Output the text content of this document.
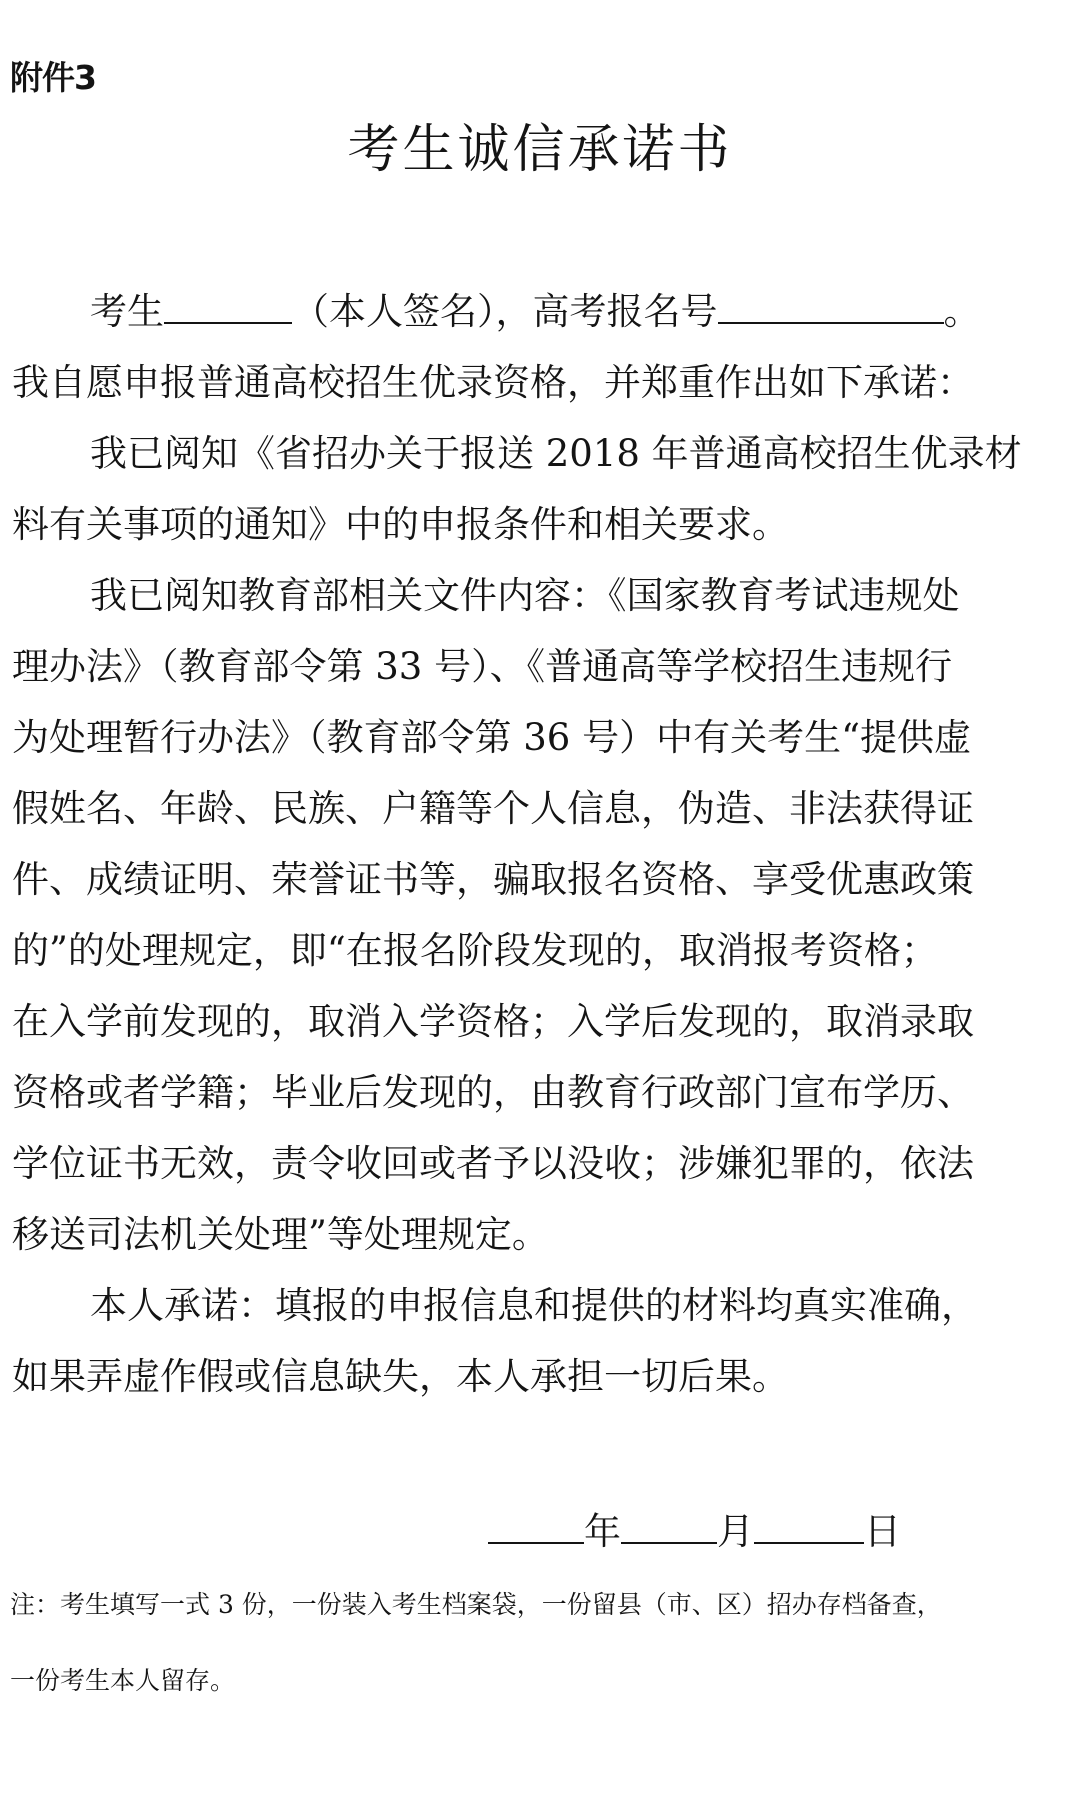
附件3
考生诚信承诺书
考生	（本人签名），高考报名号	。
我自愿申报普通高校招生优录资格，并郑重作出如下承诺：
我已阅知《省招办关于报送 2018 年普通高校招生优录材
料有关事项的通知》中的申报条件和相关要求。
我已阅知教育部相关文件内容：《国家教育考试违规处
理办法》（教育部令第 33 号）、《普通高等学校招生违规行
为处理暂行办法》（教育部令第 36 号）中有关考生“提供虚
假姓名、年龄、民族、户籍等个人信息，伪造、非法获得证
件、成绩证明、荣誉证书等，骗取报名资格、享受优惠政策
的”的处理规定，即“在报名阶段发现的，取消报考资格；
在入学前发现的，取消入学资格；入学后发现的，取消录取
资格或者学籍；毕业后发现的，由教育行政部门宣布学历、
学位证书无效，责令收回或者予以没收；涉嫌犯罪的，依法
移送司法机关处理”等处理规定。
本人承诺：填报的申报信息和提供的材料均真实准确，
如果弄虚作假或信息缺失，本人承担一切后果。
年	月	日
注：考生填写一式 3 份，一份装入考生档案袋，一份留县（市、区）招办存档备查，
一份考生本人留存。
